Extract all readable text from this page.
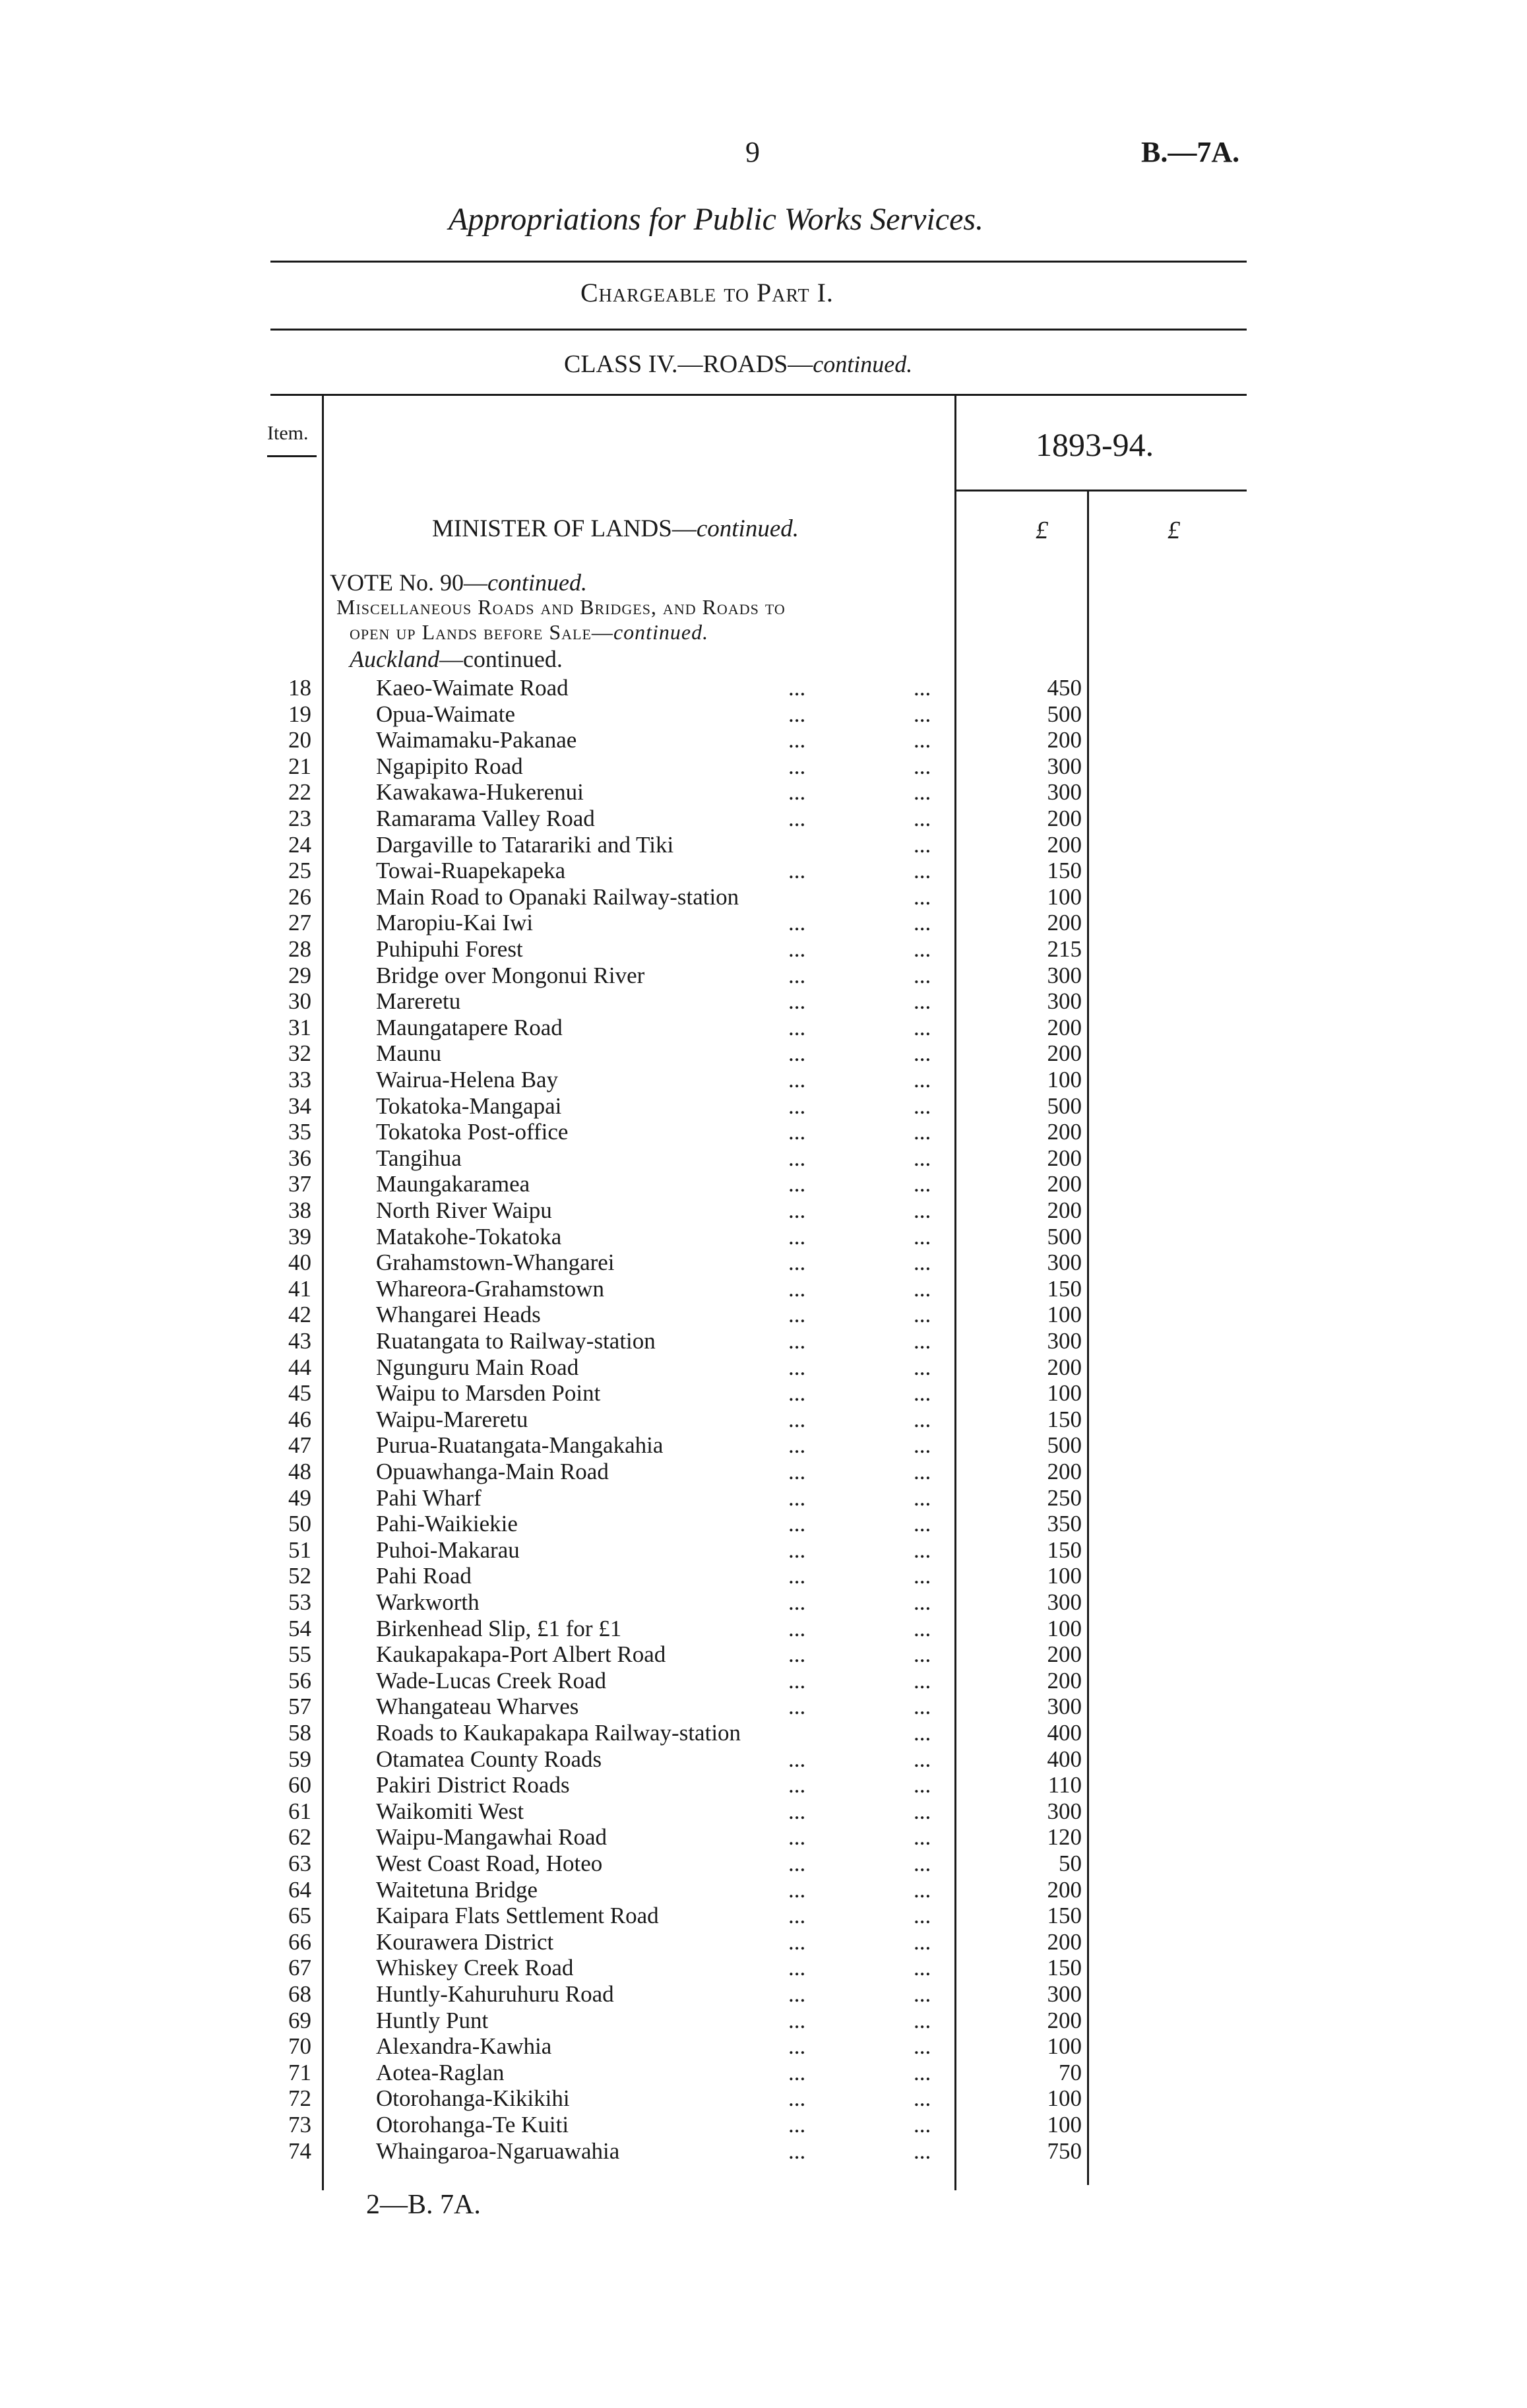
9	B.—7A.
Appropriations for Public Works Services.
Chargeable to Part I.
CLASS IV.—ROADS—continued.
Item.	1893-94.
£	£
MINISTER OF LANDS—continued.
VOTE No. 90—continued.
Miscellaneous Roads and Bridges, and Roads to
open up Lands before Sale—continued.
Auckland—continued.
18	Kaeo-Waimate Road	...	...	450
19	Opua-Waimate	...	...	500
20	Waimamaku-Pakanae	...	...	200
21	Ngapipito Road	...	...	300
22	Kawakawa-Hukerenui	...	...	300
23	Ramarama Valley Road	...	...	200
24	Dargaville to Tatarariki and Tiki	...	200
25	Towai-Ruapekapeka	...	...	150
26	Main Road to Opanaki Railway-station	...	100
27	Maropiu-Kai Iwi	...	...	200
28	Puhipuhi Forest	...	...	215
29	Bridge over Mongonui River	...	...	300
30	Mareretu	...	...	300
31	Maungatapere Road	...	...	200
32	Maunu	...	...	200
33	Wairua-Helena Bay	...	...	100
34	Tokatoka-Mangapai	...	...	500
35	Tokatoka Post-office	...	...	200
36	Tangihua	...	...	200
37	Maungakaramea	...	...	200
38	North River Waipu	...	...	200
39	Matakohe-Tokatoka	...	...	500
40	Grahamstown-Whangarei	...	...	300
41	Whareora-Grahamstown	...	...	150
42	Whangarei Heads	...	...	100
43	Ruatangata to Railway-station	...	...	300
44	Ngunguru Main Road	...	...	200
45	Waipu to Marsden Point	...	...	100
46	Waipu-Mareretu	...	...	150
47	Purua-Ruatangata-Mangakahia	...	...	500
48	Opuawhanga-Main Road	...	...	200
49	Pahi Wharf	...	...	250
50	Pahi-Waikiekie	...	...	350
51	Puhoi-Makarau	...	...	150
52	Pahi Road	...	...	100
53	Warkworth	...	...	300
54	Birkenhead Slip, £1 for £1	...	...	100
55	Kaukapakapa-Port Albert Road	...	...	200
56	Wade-Lucas Creek Road	...	...	200
57	Whangateau Wharves	...	...	300
58	Roads to Kaukapakapa Railway-station	...	400
59	Otamatea County Roads	...	...	400
60	Pakiri District Roads	...	...	110
61	Waikomiti West	...	...	300
62	Waipu-Mangawhai Road	...	...	120
63	West Coast Road, Hoteo	...	...	50
64	Waitetuna Bridge	...	...	200
65	Kaipara Flats Settlement Road	...	...	150
66	Kourawera District	...	...	200
67	Whiskey Creek Road	...	...	150
68	Huntly-Kahuruhuru Road	...	...	300
69	Huntly Punt	...	...	200
70	Alexandra-Kawhia	...	...	100
71	Aotea-Raglan	...	...	70
72	Otorohanga-Kikikihi	...	...	100
73	Otorohanga-Te Kuiti	...	...	100
74	Whaingaroa-Ngaruawahia	...	...	750
2—B. 7A.
